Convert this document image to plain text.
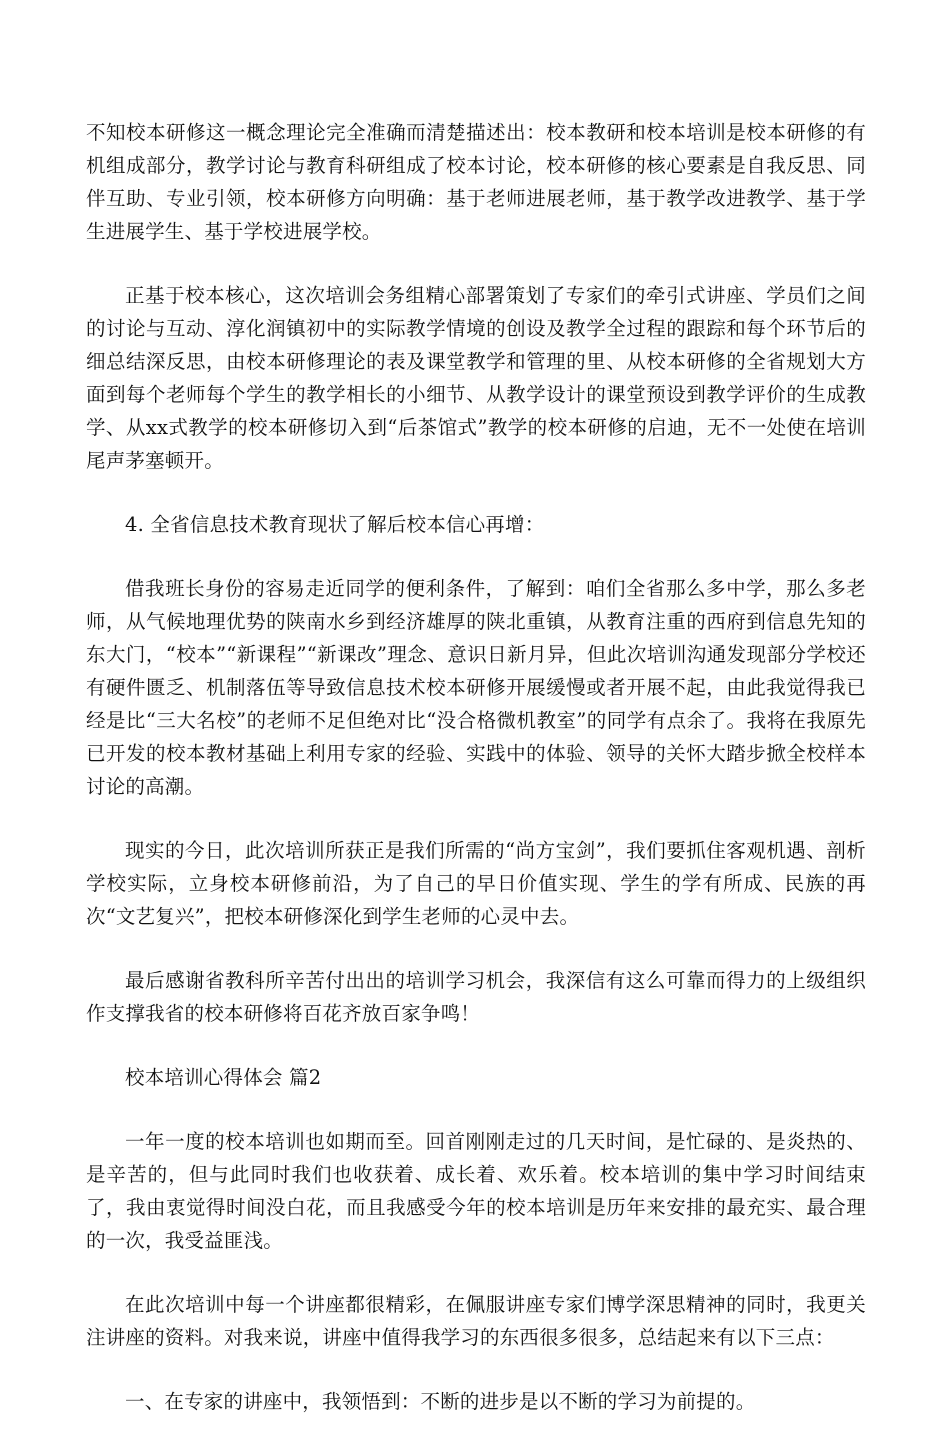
不知校本研修这一概念理论完全准确而清楚描述出：校本教研和校本培训是校本研修的有机组成部分，教学讨论与教育科研组成了校本讨论，校本研修的核心要素是自我反思、同伴互助、专业引领，校本研修方向明确：基于老师进展老师，基于教学改进教学、基于学生进展学生、基于学校进展学校。

正基于校本核心，这次培训会务组精心部署策划了专家们的牵引式讲座、学员们之间的讨论与互动、淳化润镇初中的实际教学情境的创设及教学全过程的跟踪和每个环节后的细总结深反思，由校本研修理论的表及课堂教学和管理的里、从校本研修的全省规划大方面到每个老师每个学生的教学相长的小细节、从教学设计的课堂预设到教学评价的生成教学、从xx式教学的校本研修切入到“后茶馆式”教学的校本研修的启迪，无不一处使在培训尾声茅塞顿开。

4. 全省信息技术教育现状了解后校本信心再增：

借我班长身份的容易走近同学的便利条件，了解到：咱们全省那么多中学，那么多老师，从气候地理优势的陕南水乡到经济雄厚的陕北重镇，从教育注重的西府到信息先知的东大门，“校本”“新课程”“新课改”理念、意识日新月异，但此次培训沟通发现部分学校还有硬件匮乏、机制落伍等导致信息技术校本研修开展缓慢或者开展不起，由此我觉得我已经是比“三大名校”的老师不足但绝对比“没合格微机教室”的同学有点余了。我将在我原先已开发的校本教材基础上利用专家的经验、实践中的体验、领导的关怀大踏步掀全校样本讨论的高潮。

现实的今日，此次培训所获正是我们所需的“尚方宝剑”，我们要抓住客观机遇、剖析学校实际，立身校本研修前沿，为了自己的早日价值实现、学生的学有所成、民族的再次“文艺复兴”，把校本研修深化到学生老师的心灵中去。

最后感谢省教科所辛苦付出出的培训学习机会，我深信有这么可靠而得力的上级组织作支撑我省的校本研修将百花齐放百家争鸣！

校本培训心得体会 篇2

一年一度的校本培训也如期而至。回首刚刚走过的几天时间，是忙碌的、是炎热的、是辛苦的，但与此同时我们也收获着、成长着、欢乐着。校本培训的集中学习时间结束了，我由衷觉得时间没白花，而且我感受今年的校本培训是历年来安排的最充实、最合理的一次，我受益匪浅。

在此次培训中每一个讲座都很精彩，在佩服讲座专家们博学深思精神的同时，我更关注讲座的资料。对我来说，讲座中值得我学习的东西很多很多，总结起来有以下三点：

一、在专家的讲座中，我领悟到：不断的进步是以不断的学习为前提的。
